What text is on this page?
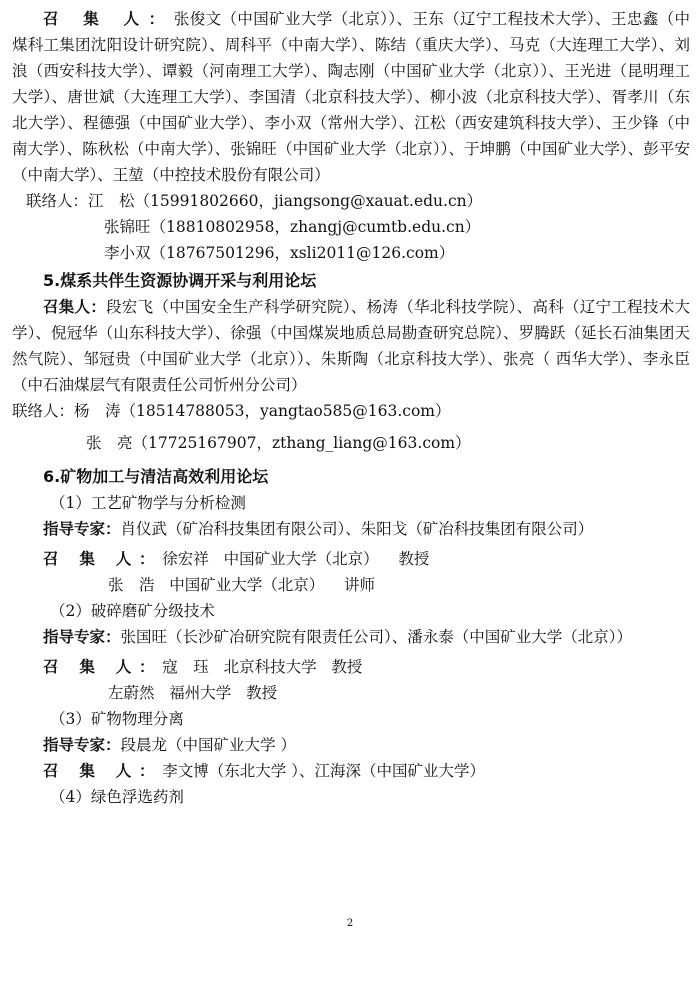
召 集 人：张俊文（中国矿业大学（北京））、王东（辽宁工程技术大学）、王忠鑫（中煤科工集团沈阳设计研究院）、周科平（中南大学）、陈结（重庆大学）、马克（大连理工大学）、刘浪（西安科技大学）、谭毅（河南理工大学）、陶志刚（中国矿业大学（北京））、王光进（昆明理工大学）、唐世斌（大连理工大学）、李国清（北京科技大学）、柳小波（北京科技大学）、胥孝川（东北大学）、程德强（中国矿业大学）、李小双（常州大学）、江松（西安建筑科技大学）、王少锋（中南大学）、陈秋松（中南大学）、张锦旺（中国矿业大学（北京））、于坤鹏（中国矿业大学）、彭平安（中南大学）、王堃（中控技术股份有限公司）

联络人：江　松（15991802660，jiangsong@xauat.edu.cn）

张锦旺（18810802958，zhangj@cumtb.edu.cn）

李小双（18767501296，xsli2011@126.com）

5.煤系共伴生资源协调开采与利用论坛

召集人：段宏飞（中国安全生产科学研究院）、杨涛（华北科技学院）、高科（辽宁工程技术大学）、倪冠华（山东科技大学）、徐强（中国煤炭地质总局勘查研究总院）、罗腾跃（延长石油集团天然气院）、邹冠贵（中国矿业大学（北京））、朱斯陶（北京科技大学）、张亮（ 西华大学）、李永臣（中石油煤层气有限责任公司忻州分公司）

联络人：杨　涛（18514788053，yangtao585@163.com）

张　亮（17725167907，zthang_liang@163.com）

6.矿物加工与清洁高效利用论坛

（1）工艺矿物学与分析检测

指导专家：肖仪武（矿冶科技集团有限公司）、朱阳戈（矿冶科技集团有限公司）

召 集 人：徐宏祥 中国矿业大学（北京） 教授

张　浩 中国矿业大学（北京） 讲师

（2）破碎磨矿分级技术

指导专家：张国旺（长沙矿冶研究院有限责任公司）、潘永泰（中国矿业大学（北京））

召 集 人：寇　珏 北京科技大学 教授

左蔚然 福州大学 教授

（3）矿物物理分离

指导专家：段晨龙（中国矿业大学 ）

召 集 人：李文博（东北大学 ）、江海深（中国矿业大学）

（4）绿色浮选药剂

2
